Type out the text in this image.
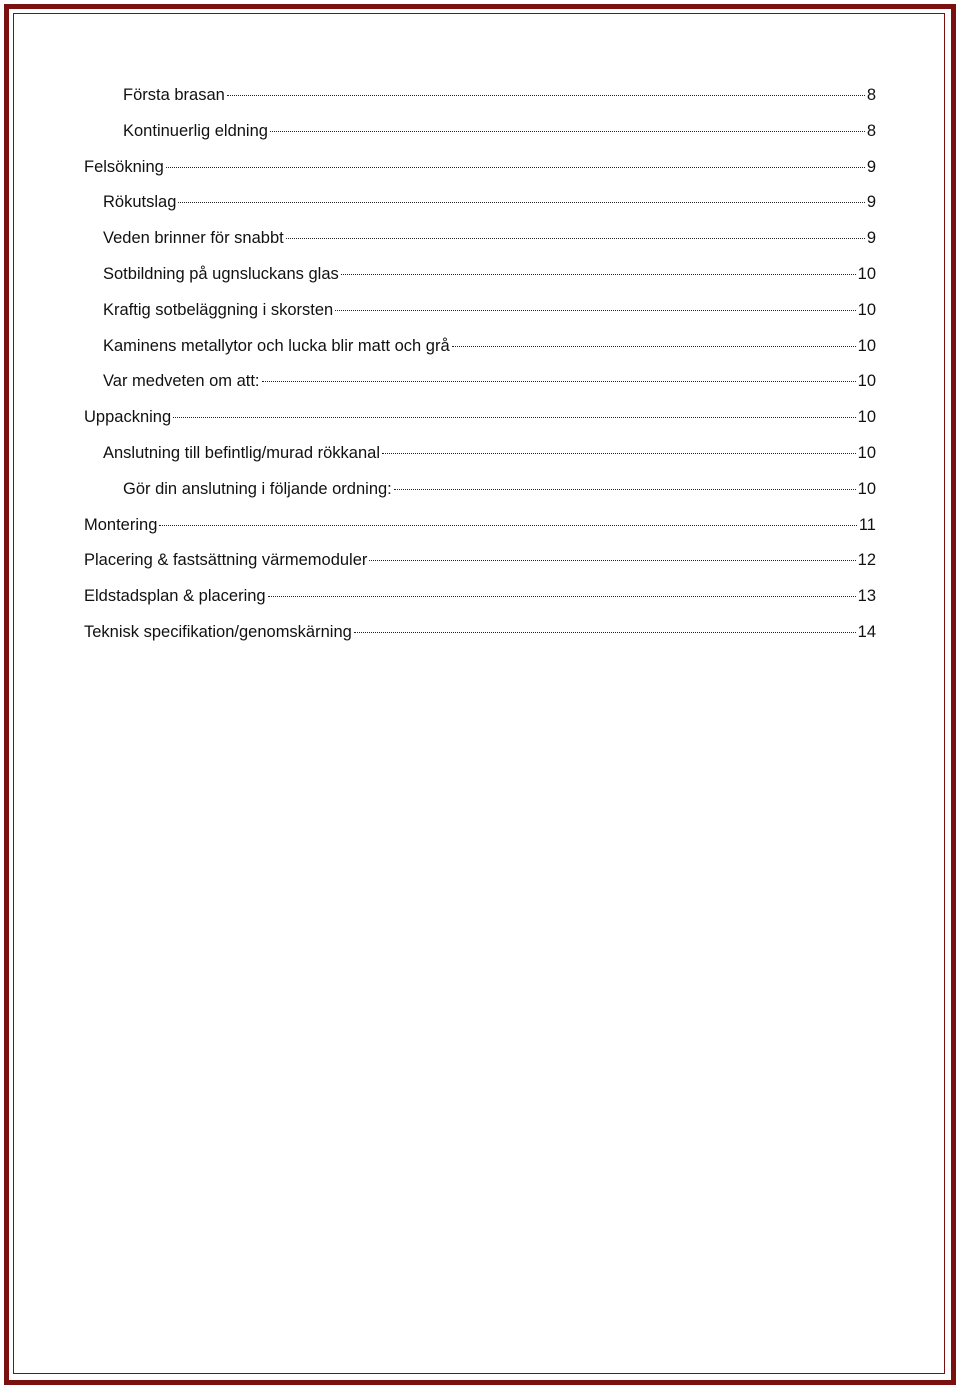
Första brasan	8
Kontinuerlig eldning	8
Felsökning	9
Rökutslag	9
Veden brinner för snabbt	9
Sotbildning på ugnsluckans glas	10
Kraftig sotbeläggning i skorsten	10
Kaminens metallytor och lucka blir matt och grå	10
Var medveten om att:	10
Uppackning	10
Anslutning till befintlig/murad rökkanal	10
Gör din anslutning i följande ordning:	10
Montering	11
Placering & fastsättning värmemoduler	12
Eldstadsplan & placering	13
Teknisk specifikation/genomskärning	14
